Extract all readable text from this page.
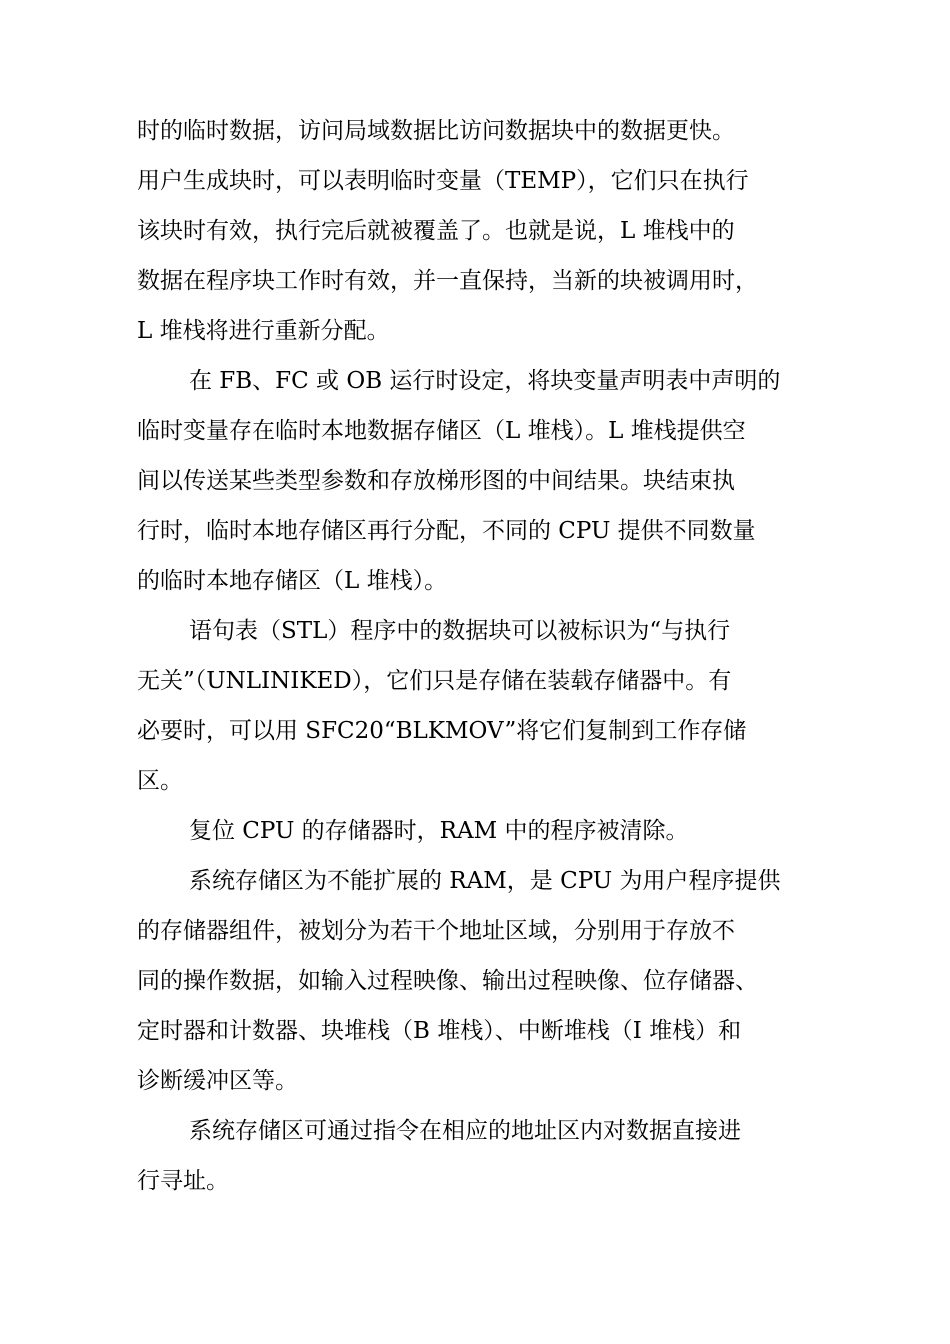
时的临时数据，访问局域数据比访问数据块中的数据更快。
用户生成块时，可以表明临时变量（TEMP），它们只在执行
该块时有效，执行完后就被覆盖了。也就是说，L 堆栈中的
数据在程序块工作时有效，并一直保持，当新的块被调用时，
L 堆栈将进行重新分配。
在 FB、FC 或 OB 运行时设定，将块变量声明表中声明的
临时变量存在临时本地数据存储区（L 堆栈）。L 堆栈提供空
间以传送某些类型参数和存放梯形图的中间结果。块结束执
行时，临时本地存储区再行分配，不同的 CPU 提供不同数量
的临时本地存储区（L 堆栈）。
语句表（STL）程序中的数据块可以被标识为“与执行
无关”（UNLINIKED），它们只是存储在装载存储器中。有
必要时，可以用 SFC20“BLKMOV”将它们复制到工作存储
区。
复位 CPU 的存储器时，RAM 中的程序被清除。
系统存储区为不能扩展的 RAM，是 CPU 为用户程序提供
的存储器组件，被划分为若干个地址区域，分别用于存放不
同的操作数据，如输入过程映像、输出过程映像、位存储器、
定时器和计数器、块堆栈（B 堆栈）、中断堆栈（I 堆栈）和
诊断缓冲区等。
系统存储区可通过指令在相应的地址区内对数据直接进
行寻址。
